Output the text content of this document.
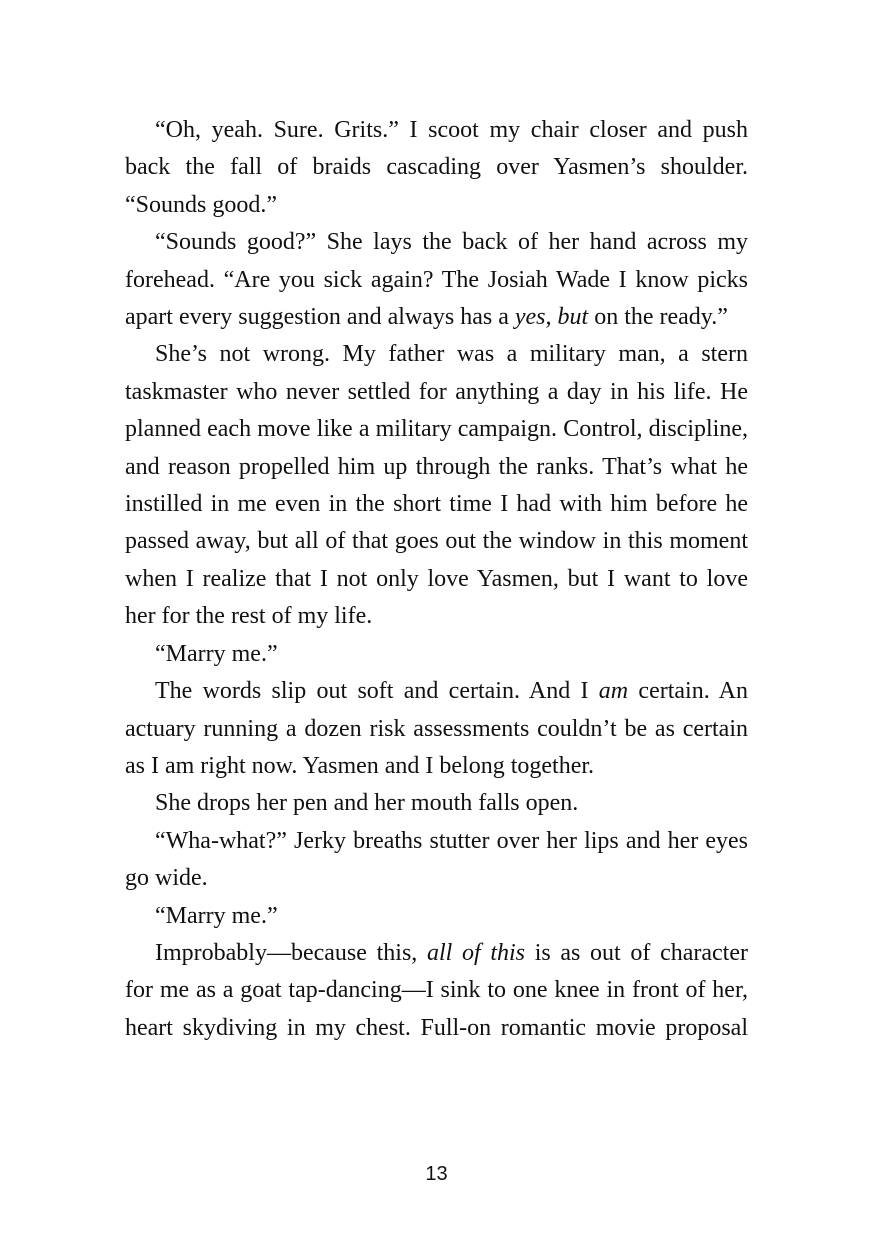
“Oh, yeah. Sure. Grits.” I scoot my chair closer and push back the fall of braids cascading over Yasmen’s shoulder. “Sounds good.”

“Sounds good?” She lays the back of her hand across my forehead. “Are you sick again? The Josiah Wade I know picks apart every suggestion and always has a yes, but on the ready.”

She’s not wrong. My father was a military man, a stern taskmaster who never settled for anything a day in his life. He planned each move like a military campaign. Control, discipline, and reason propelled him up through the ranks. That’s what he instilled in me even in the short time I had with him before he passed away, but all of that goes out the window in this moment when I realize that I not only love Yasmen, but I want to love her for the rest of my life.

“Marry me.”

The words slip out soft and certain. And I am certain. An actuary running a dozen risk assessments couldn’t be as certain as I am right now. Yasmen and I belong together.

She drops her pen and her mouth falls open.

“Wha-what?” Jerky breaths stutter over her lips and her eyes go wide.

“Marry me.”

Improbably—because this, all of this is as out of character for me as a goat tap-dancing—I sink to one knee in front of her, heart skydiving in my chest. Full-on romantic movie proposal

13
